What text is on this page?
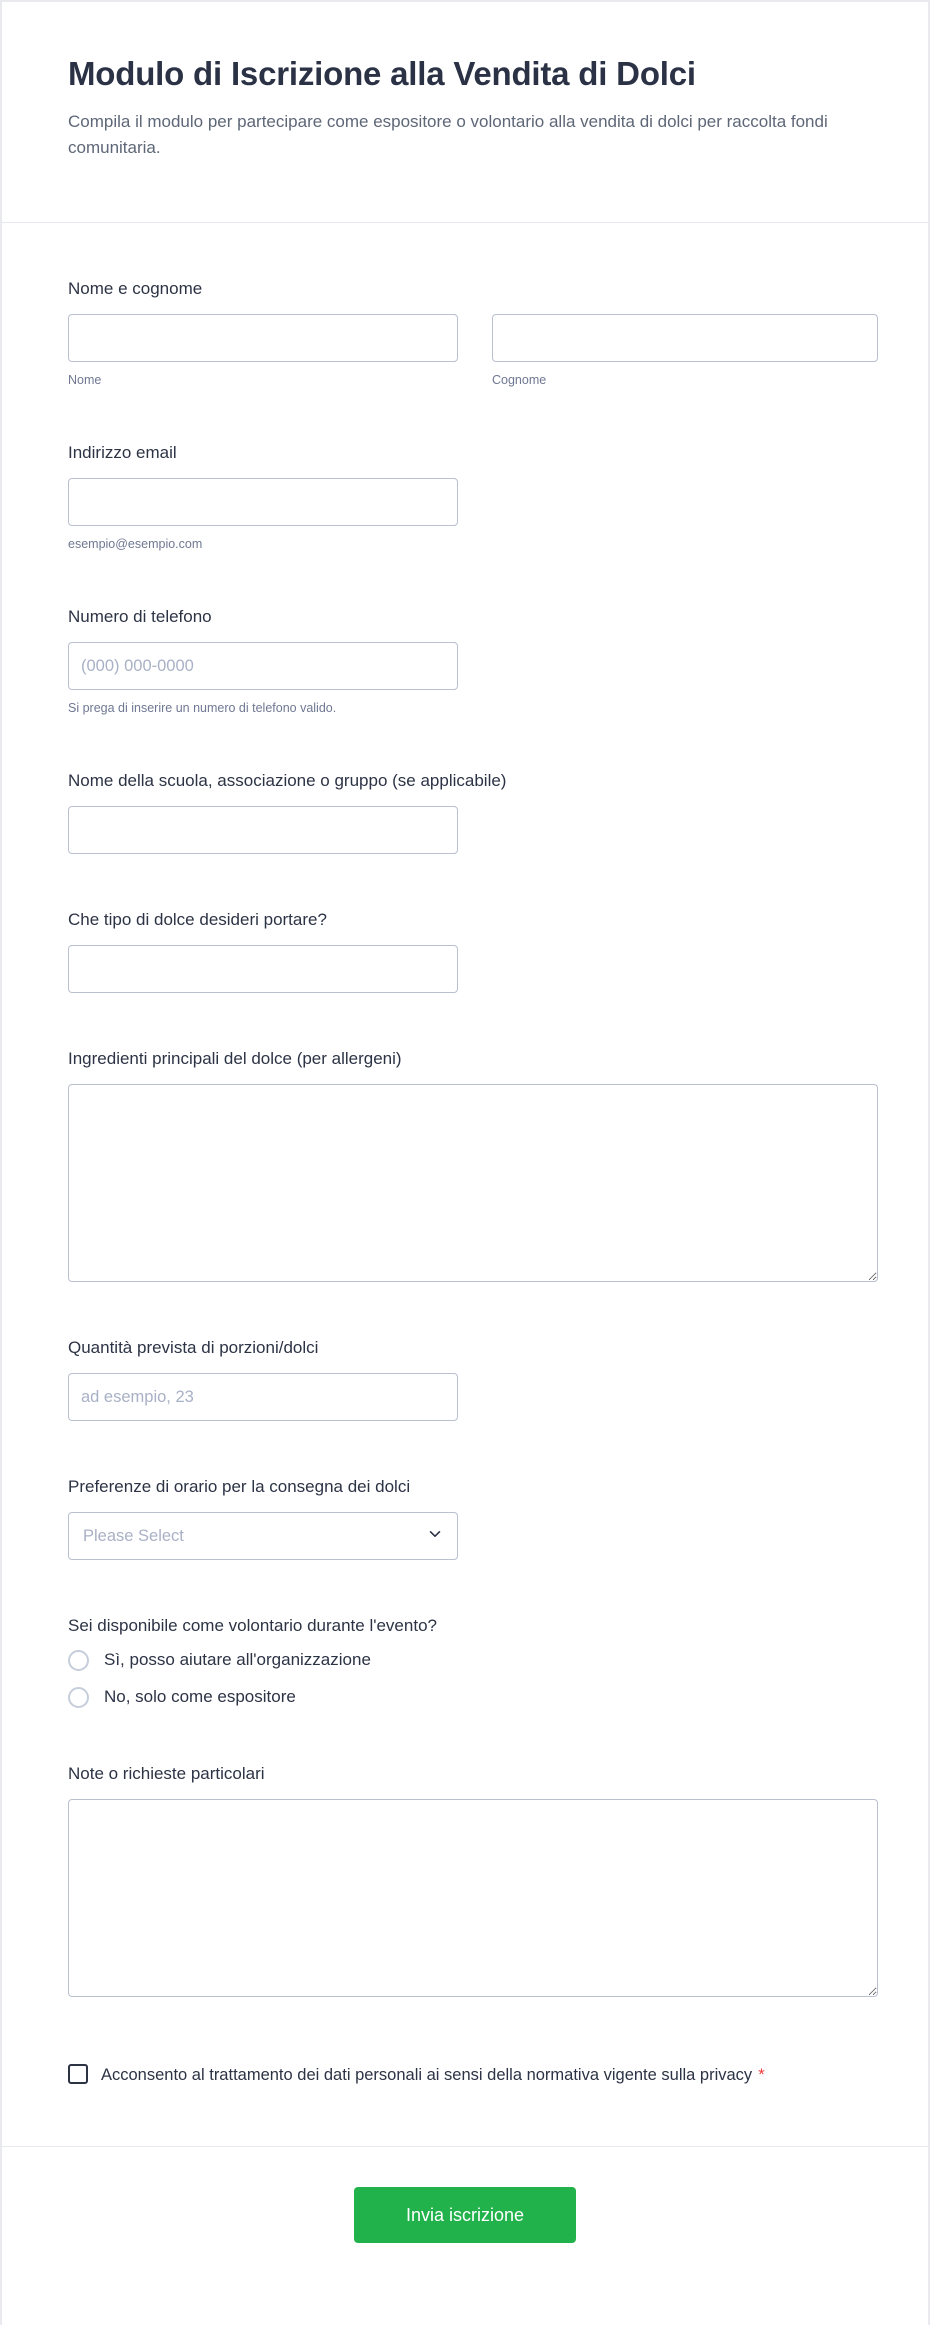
Modulo di Iscrizione alla Vendita di Dolci

Compila il modulo per partecipare come espositore o volontario alla vendita di dolci per raccolta fondi comunitaria.

Nome e cognome
Nome	Cognome
Indirizzo email
esempio@esempio.com
Numero di telefono
(000) 000-0000
Si prega di inserire un numero di telefono valido.
Nome della scuola, associazione o gruppo (se applicabile)
Che tipo di dolce desideri portare?
Ingredienti principali del dolce (per allergeni)
Quantità prevista di porzioni/dolci
ad esempio, 23
Preferenze di orario per la consegna dei dolci
Please Select
Sei disponibile come volontario durante l'evento?
Sì, posso aiutare all'organizzazione
No, solo come espositore
Note o richieste particolari
Acconsento al trattamento dei dati personali ai sensi della normativa vigente sulla privacy *
Invia iscrizione
